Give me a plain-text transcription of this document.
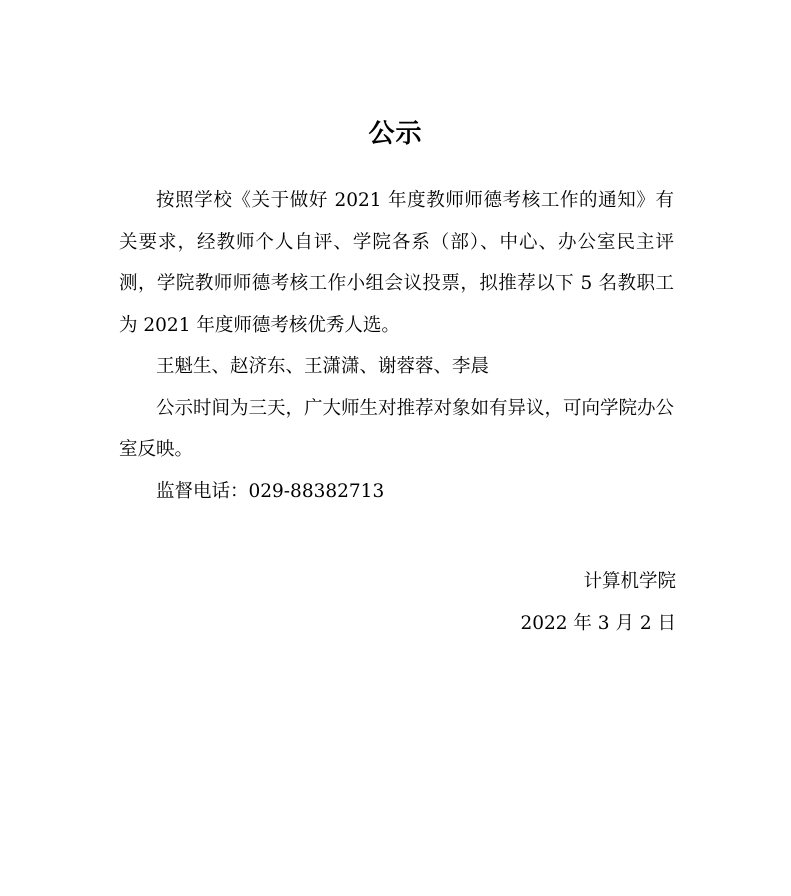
公示

按照学校《关于做好 2021 年度教师师德考核工作的通知》有关要求，经教师个人自评、学院各系（部）、中心、办公室民主评测，学院教师师德考核工作小组会议投票，拟推荐以下 5 名教职工为 2021 年度师德考核优秀人选。

王魁生、赵济东、王潇潇、谢蓉蓉、李晨

公示时间为三天，广大师生对推荐对象如有异议，可向学院办公室反映。

监督电话：029-88382713

计算机学院
2022 年 3 月 2 日
